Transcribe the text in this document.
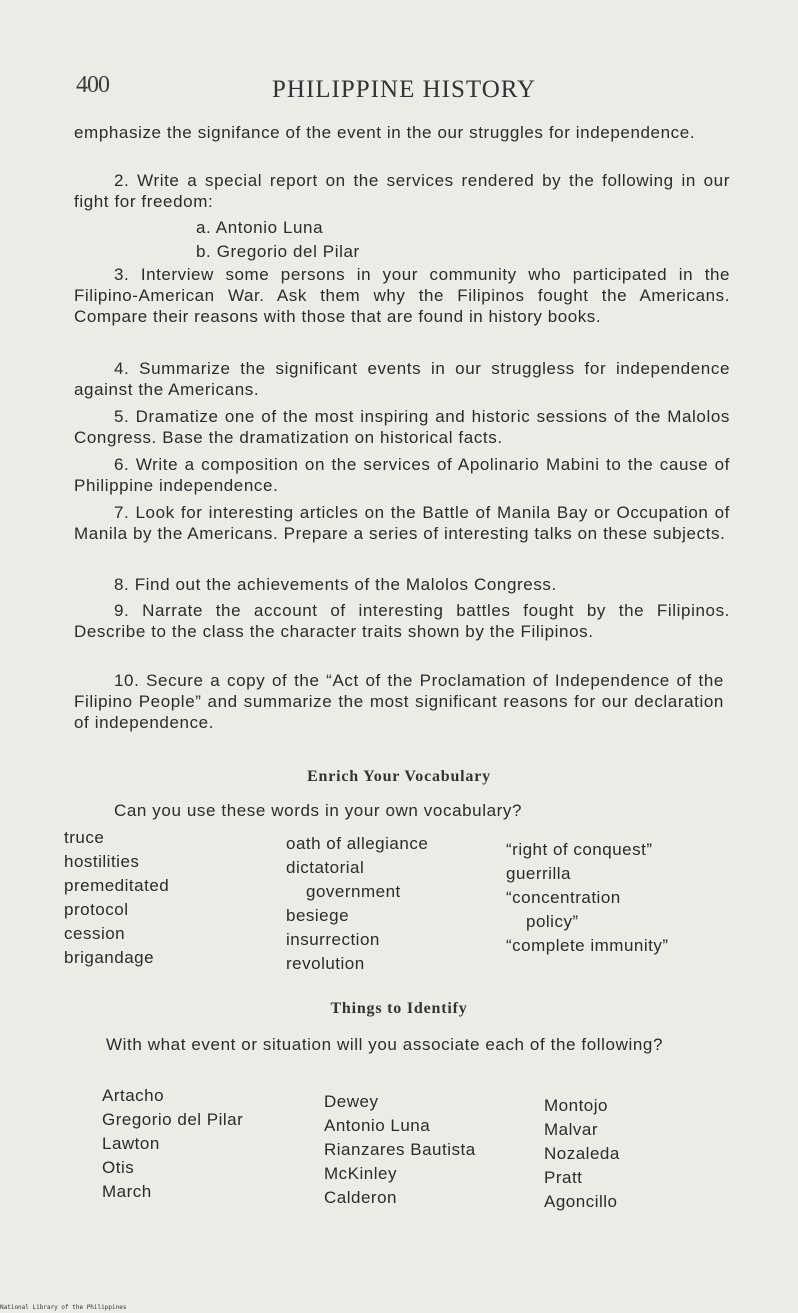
400	PHILIPPINE HISTORY
emphasize the signifance of the event in the our struggles for independence.
2. Write a special report on the services rendered by the following in our fight for freedom:
a. Antonio Luna
b. Gregorio del Pilar
3. Interview some persons in your community who participated in the Filipino-American War. Ask them why the Filipinos fought the Americans. Compare their reasons with those that are found in history books.
4. Summarize the significant events in our struggless for independence against the Americans.
5. Dramatize one of the most inspiring and historic sessions of the Malolos Congress. Base the dramatization on historical facts.
6. Write a composition on the services of Apolinario Mabini to the cause of Philippine independence.
7. Look for interesting articles on the Battle of Manila Bay or Occupation of Manila by the Americans. Prepare a series of interesting talks on these subjects.
8. Find out the achievements of the Malolos Congress.
9. Narrate the account of interesting battles fought by the Filipinos. Describe to the class the character traits shown by the Filipinos.
10. Secure a copy of the “Act of the Proclamation of Independence of the Filipino People” and summarize the most significant reasons for our declaration of independence.
Enrich Your Vocabulary
Can you use these words in your own vocabulary?
truce
hostilities
premeditated
protocol
cession
brigandage
oath of allegiance
dictatorial
government
besiege
insurrection
revolution
“right of conquest”
guerrilla
“concentration
policy”
“complete immunity”
Things to Identify
With what event or situation will you associate each of the following?
Artacho
Gregorio del Pilar
Lawton
Otis
March
Dewey
Antonio Luna
Rianzares Bautista
McKinley
Calderon
Montojo
Malvar
Nozaleda
Pratt
Agoncillo
National Library of the Philippines
